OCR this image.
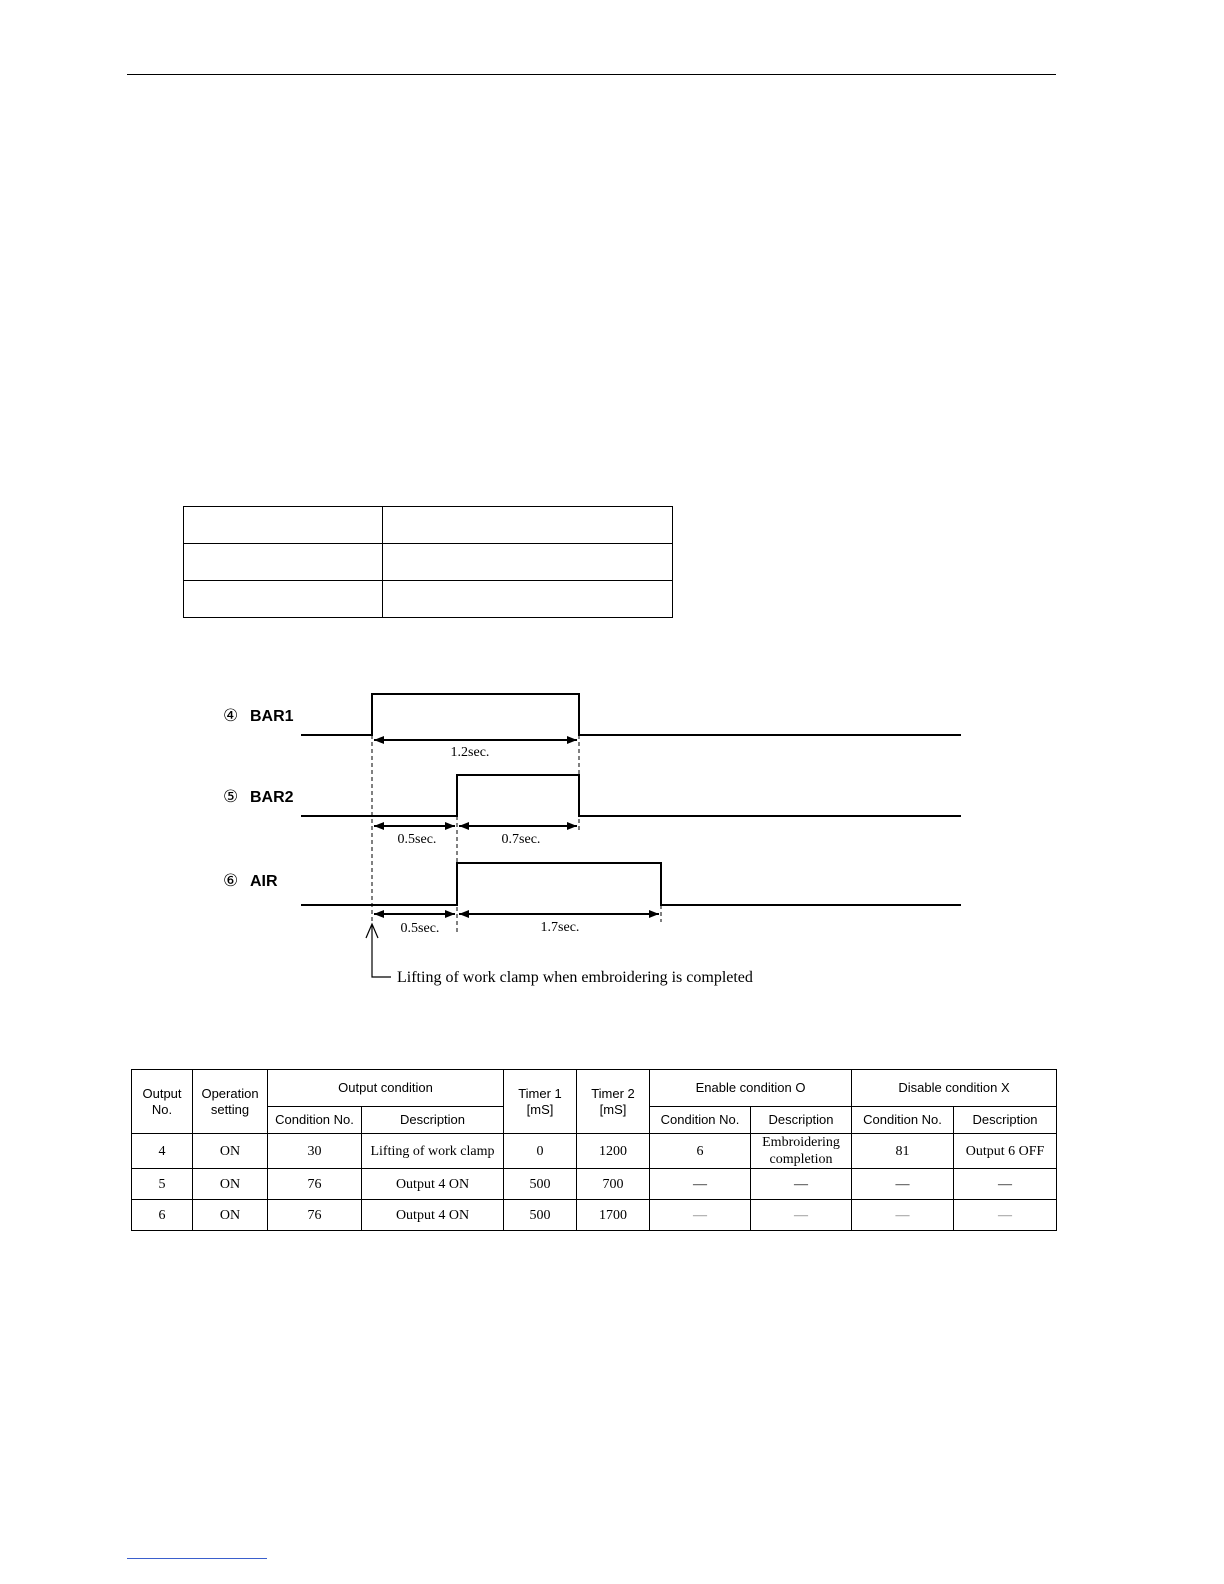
④ BAR1
⑤ BAR2
⑥ AIR
1.2sec.
0.5sec.	0.7sec.
0.5sec.	1.7sec.
Lifting of work clamp when embroidering is completed
Output No.	Operation setting	Output condition		Timer 1 [mS]	Timer 2 [mS]	Enable condition O		Disable condition X	
		Condition No.	Description			Condition No.	Description	Condition No.	Description
4	ON	30	Lifting of work clamp	0	1200	6	Embroidering completion	81	Output 6 OFF
5	ON	76	Output 4 ON	500	700	—	—	—	—
6	ON	76	Output 4 ON	500	1700	—	—	—	—
